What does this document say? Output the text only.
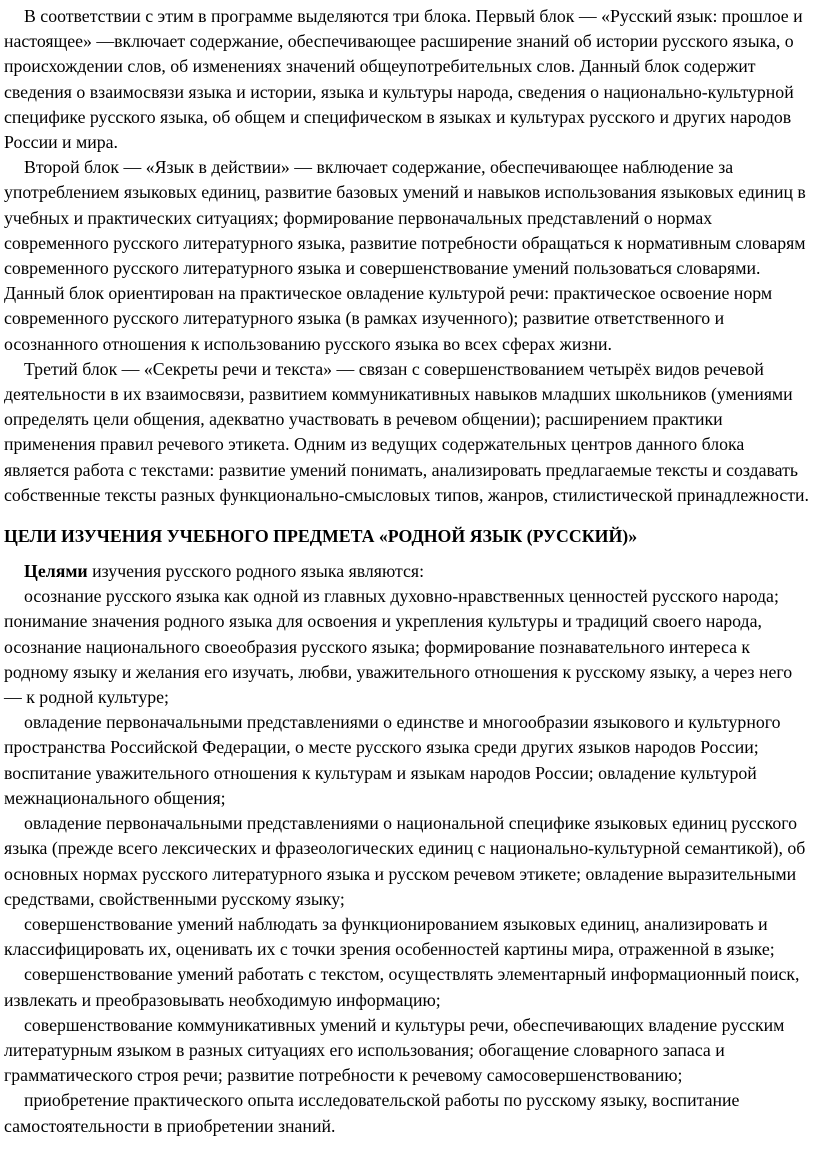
В соответствии с этим в программе выделяются три блока. Первый блок — «Русский язык: прошлое и настоящее» —включает содержание, обеспечивающее расширение знаний об истории русского языка, о происхождении слов, об изменениях значений общеупотребительных слов. Данный блок содержит сведения о взаимосвязи языка и истории, языка и культуры народа, сведения о национально-культурной специфике русского языка, об общем и специфическом в языках и культурах русского и других народов России и мира.

Второй блок — «Язык в действии» — включает содержание, обеспечивающее наблюдение за употреблением языковых единиц, развитие базовых умений и навыков использования языковых единиц в учебных и практических ситуациях; формирование первоначальных представлений о нормах современного русского литературного языка, развитие потребности обращаться к нормативным словарям современного русского литературного языка и совершенствование умений пользоваться словарями. Данный блок ориентирован на практическое овладение культурой речи: практическое освоение норм современного русского литературного языка (в рамках изученного); развитие ответственного и осознанного отношения к использованию русского языка во всех сферах жизни.

Третий блок — «Секреты речи и текста» — связан с совершенствованием четырёх видов речевой деятельности в их взаимосвязи, развитием коммуникативных навыков младших школьников (умениями определять цели общения, адекватно участвовать в речевом общении); расширением практики применения правил речевого этикета. Одним из ведущих содержательных центров данного блока является работа с текстами: развитие умений понимать, анализировать предлагаемые тексты и создавать собственные тексты разных функционально-смысловых типов, жанров, стилистической принадлежности.

ЦЕЛИ ИЗУЧЕНИЯ УЧЕБНОГО ПРЕДМЕТА «РОДНОЙ ЯЗЫК (РУССКИЙ)»

Целями изучения русского родного языка являются:

осознание русского языка как одной из главных духовно-нравственных ценностей русского народа; понимание значения родного языка для освоения и укрепления культуры и традиций своего народа, осознание национального своеобразия русского языка; формирование познавательного интереса к родному языку и желания его изучать, любви, уважительного отношения к русскому языку, а через него — к родной культуре;

овладение первоначальными представлениями о единстве и многообразии языкового и культурного пространства Российской Федерации, о месте русского языка среди других языков народов России; воспитание уважительного отношения к культурам и языкам народов России; овладение культурой межнационального общения;

овладение первоначальными представлениями о национальной специфике языковых единиц русского языка (прежде всего лексических и фразеологических единиц с национально-культурной семантикой), об основных нормах русского литературного языка и русском речевом этикете; овладение выразительными средствами, свойственными русскому языку;

совершенствование умений наблюдать за функционированием языковых единиц, анализировать и классифицировать их, оценивать их с точки зрения особенностей картины мира, отраженной в языке;

совершенствование умений работать с текстом, осуществлять элементарный информационный поиск, извлекать и преобразовывать необходимую информацию;

совершенствование коммуникативных умений и культуры речи, обеспечивающих владение русским литературным языком в разных ситуациях его использования; обогащение словарного запаса и грамматического строя речи; развитие потребности к речевому самосовершенствованию;

приобретение практического опыта исследовательской работы по русскому языку, воспитание самостоятельности в приобретении знаний.
